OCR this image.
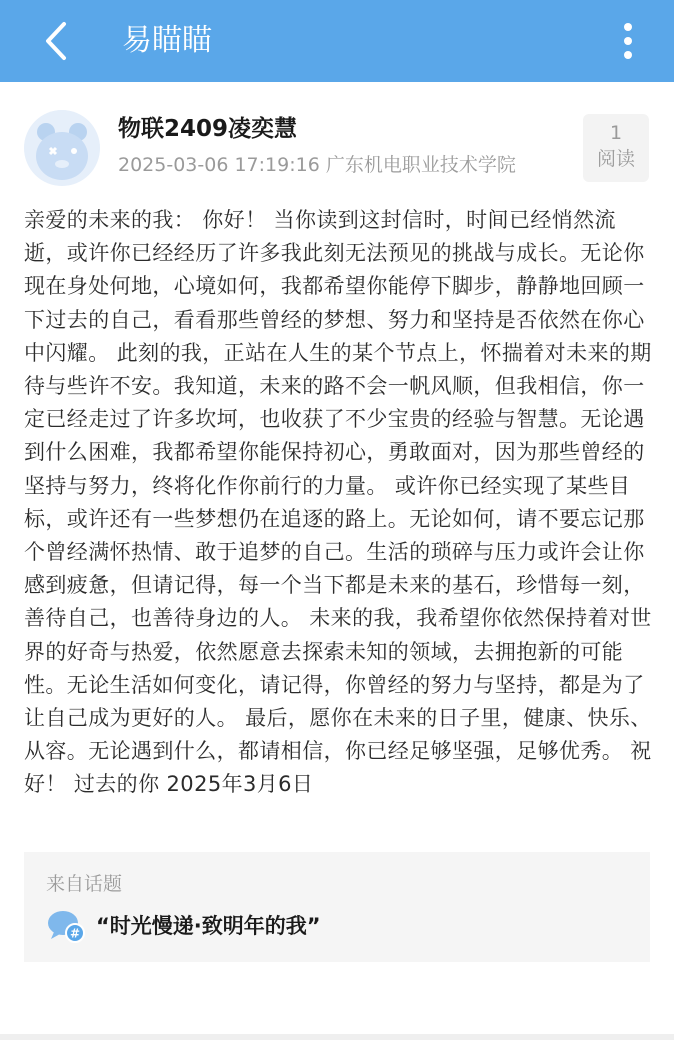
易瞄瞄
物联2409凌奕慧
2025-03-06 17:19:16 广东机电职业技术学院
1
阅读
亲爱的未来的我： 你好！ 当你读到这封信时，时间已经悄然流逝，或许你已经经历了许多我此刻无法预见的挑战与成长。无论你现在身处何地，心境如何，我都希望你能停下脚步，静静地回顾一下过去的自己，看看那些曾经的梦想、努力和坚持是否依然在你心中闪耀。 此刻的我，正站在人生的某个节点上，怀揣着对未来的期待与些许不安。我知道，未来的路不会一帆风顺，但我相信，你一定已经走过了许多坎坷，也收获了不少宝贵的经验与智慧。无论遇到什么困难，我都希望你能保持初心，勇敢面对，因为那些曾经的坚持与努力，终将化作你前行的力量。 或许你已经实现了某些目标，或许还有一些梦想仍在追逐的路上。无论如何，请不要忘记那个曾经满怀热情、敢于追梦的自己。生活的琐碎与压力或许会让你感到疲惫，但请记得，每一个当下都是未来的基石，珍惜每一刻，善待自己，也善待身边的人。 未来的我，我希望你依然保持着对世界的好奇与热爱，依然愿意去探索未知的领域，去拥抱新的可能性。无论生活如何变化，请记得，你曾经的努力与坚持，都是为了让自己成为更好的人。 最后，愿你在未来的日子里，健康、快乐、从容。无论遇到什么，都请相信，你已经足够坚强，足够优秀。 祝好！ 过去的你 2025年3月6日
来自话题
# “时光慢递·致明年的我”
